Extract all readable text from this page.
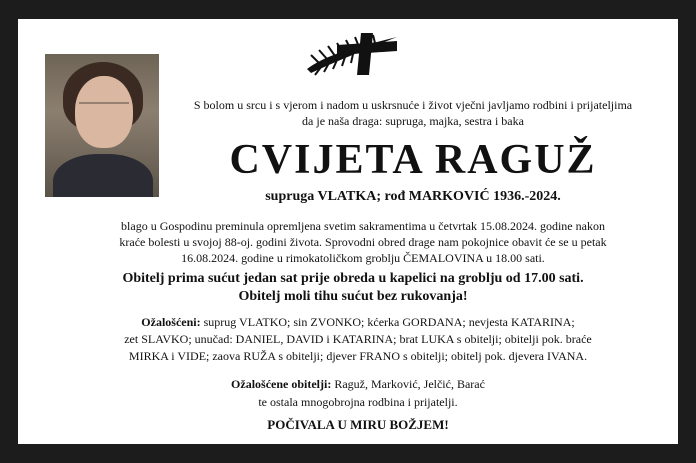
S bolom u srcu i s vjerom i nadom u uskrsnuće i život vječni javljamo rodbini i prijateljima
da je naša draga: supruga, majka, sestra i baka
CVIJETA RAGUŽ
supruga VLATKA; rođ MARKOVIĆ 1936.-2024.
blago u Gospodinu preminula opremljena svetim sakramentima u četvrtak 15.08.2024. godine nakon
kraće bolesti u svojoj 88-oj. godini života. Sprovodni obred drage nam pokojnice obavit će se u petak
16.08.2024. godine u rimokatoličkom groblju ČEMALOVINA u 18.00 sati.
Obitelj prima sućut jedan sat prije obreda u kapelici na groblju od 17.00 sati.
Obitelj moli tihu sućut bez rukovanja!
Ožalošćeni: suprug VLATKO; sin ZVONKO; kćerka GORDANA; nevjesta KATARINA;
zet SLAVKO; unučad: DANIEL, DAVID i KATARINA; brat LUKA s obitelji; obitelji pok. braće
MIRKA i VIDE; zaova RUŽA s obitelji; djever FRANO s obitelji; obitelj pok. djevera IVANA.
Ožalošćene obitelji: Raguž, Marković, Jelčić, Barać
te ostala mnogobrojna rodbina i prijatelji.
POČIVALA U MIRU BOŽJEM!
